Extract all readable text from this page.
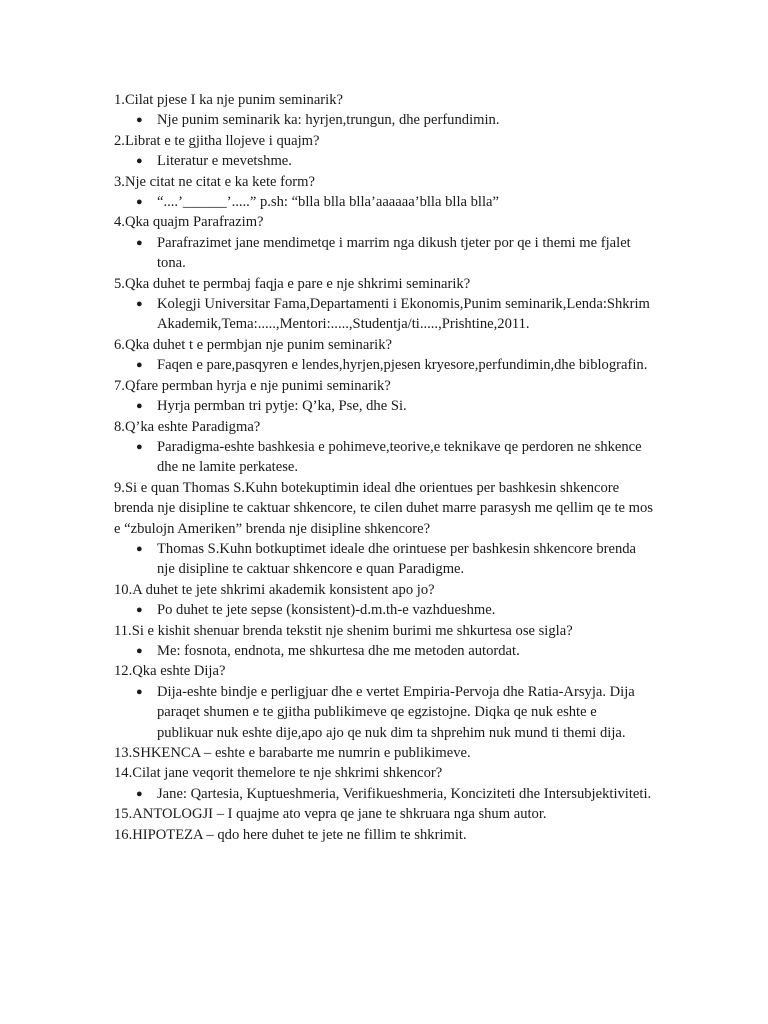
1.Cilat pjese I ka nje punim seminarik?

● Nje punim seminarik ka: hyrjen,trungun, dhe perfundimin.

2.Librat e te gjitha llojeve i quajm?

● Literatur e mevetshme.

3.Nje citat ne citat e ka kete form?

● “....’______’.....” p.sh: “blla blla blla’aaaaaa’blla blla blla”

4.Qka quajm Parafrazim?

● Parafrazimet jane mendimetqe i marrim nga dikush tjeter por qe i themi me fjalet tona.

5.Qka duhet te permbaj faqja e pare e nje shkrimi seminarik?

● Kolegji Universitar Fama,Departamenti i Ekonomis,Punim seminarik,Lenda:Shkrim Akademik,Tema:.....,Mentori:.....,Studentja/ti.....,Prishtine,2011.

6.Qka duhet t e permbjan nje punim seminarik?

● Faqen e pare,pasqyren e lendes,hyrjen,pjesen kryesore,perfundimin,dhe biblografin.

7.Qfare permban hyrja e nje punimi seminarik?

● Hyrja permban tri pytje: Q’ka, Pse, dhe Si.

8.Q’ka eshte Paradigma?

● Paradigma-eshte bashkesia e pohimeve,teorive,e teknikave qe perdoren ne shkence dhe ne lamite perkatese.

9.Si e quan Thomas S.Kuhn botekuptimin ideal dhe orientues per bashkesin shkencore brenda nje disipline te caktuar shkencore, te cilen duhet marre parasysh me qellim qe te mos e “zbulojn Ameriken” brenda nje disipline shkencore?

● Thomas S.Kuhn botkuptimet ideale dhe orintuese per bashkesin shkencore brenda nje disipline te caktuar shkencore e quan Paradigme.

10.A duhet te jete shkrimi akademik konsistent apo jo?

● Po duhet te jete sepse (konsistent)-d.m.th-e vazhdueshme.

11.Si e kishit shenuar brenda tekstit nje shenim burimi me shkurtesa ose sigla?

● Me: fosnota, endnota, me shkurtesa dhe me metoden autordat.

12.Qka eshte Dija?

● Dija-eshte bindje e perligjuar dhe e vertet Empiria-Pervoja dhe Ratia-Arsyja. Dija paraqet shumen e te gjitha publikimeve qe egzistojne. Diqka qe nuk eshte e publikuar nuk eshte dije,apo ajo qe nuk dim ta shprehim nuk mund ti themi dija.

13.SHKENCA – eshte e barabarte me numrin e publikimeve.

14.Cilat jane veqorit themelore te nje shkrimi shkencor?

● Jane: Qartesia, Kuptueshmeria, Verifikueshmeria, Konciziteti dhe Intersubjektiviteti.

15.ANTOLOGJI – I quajme ato vepra qe jane te shkruara nga shum autor.

16.HIPOTEZA – qdo here duhet te jete ne fillim te shkrimit.
